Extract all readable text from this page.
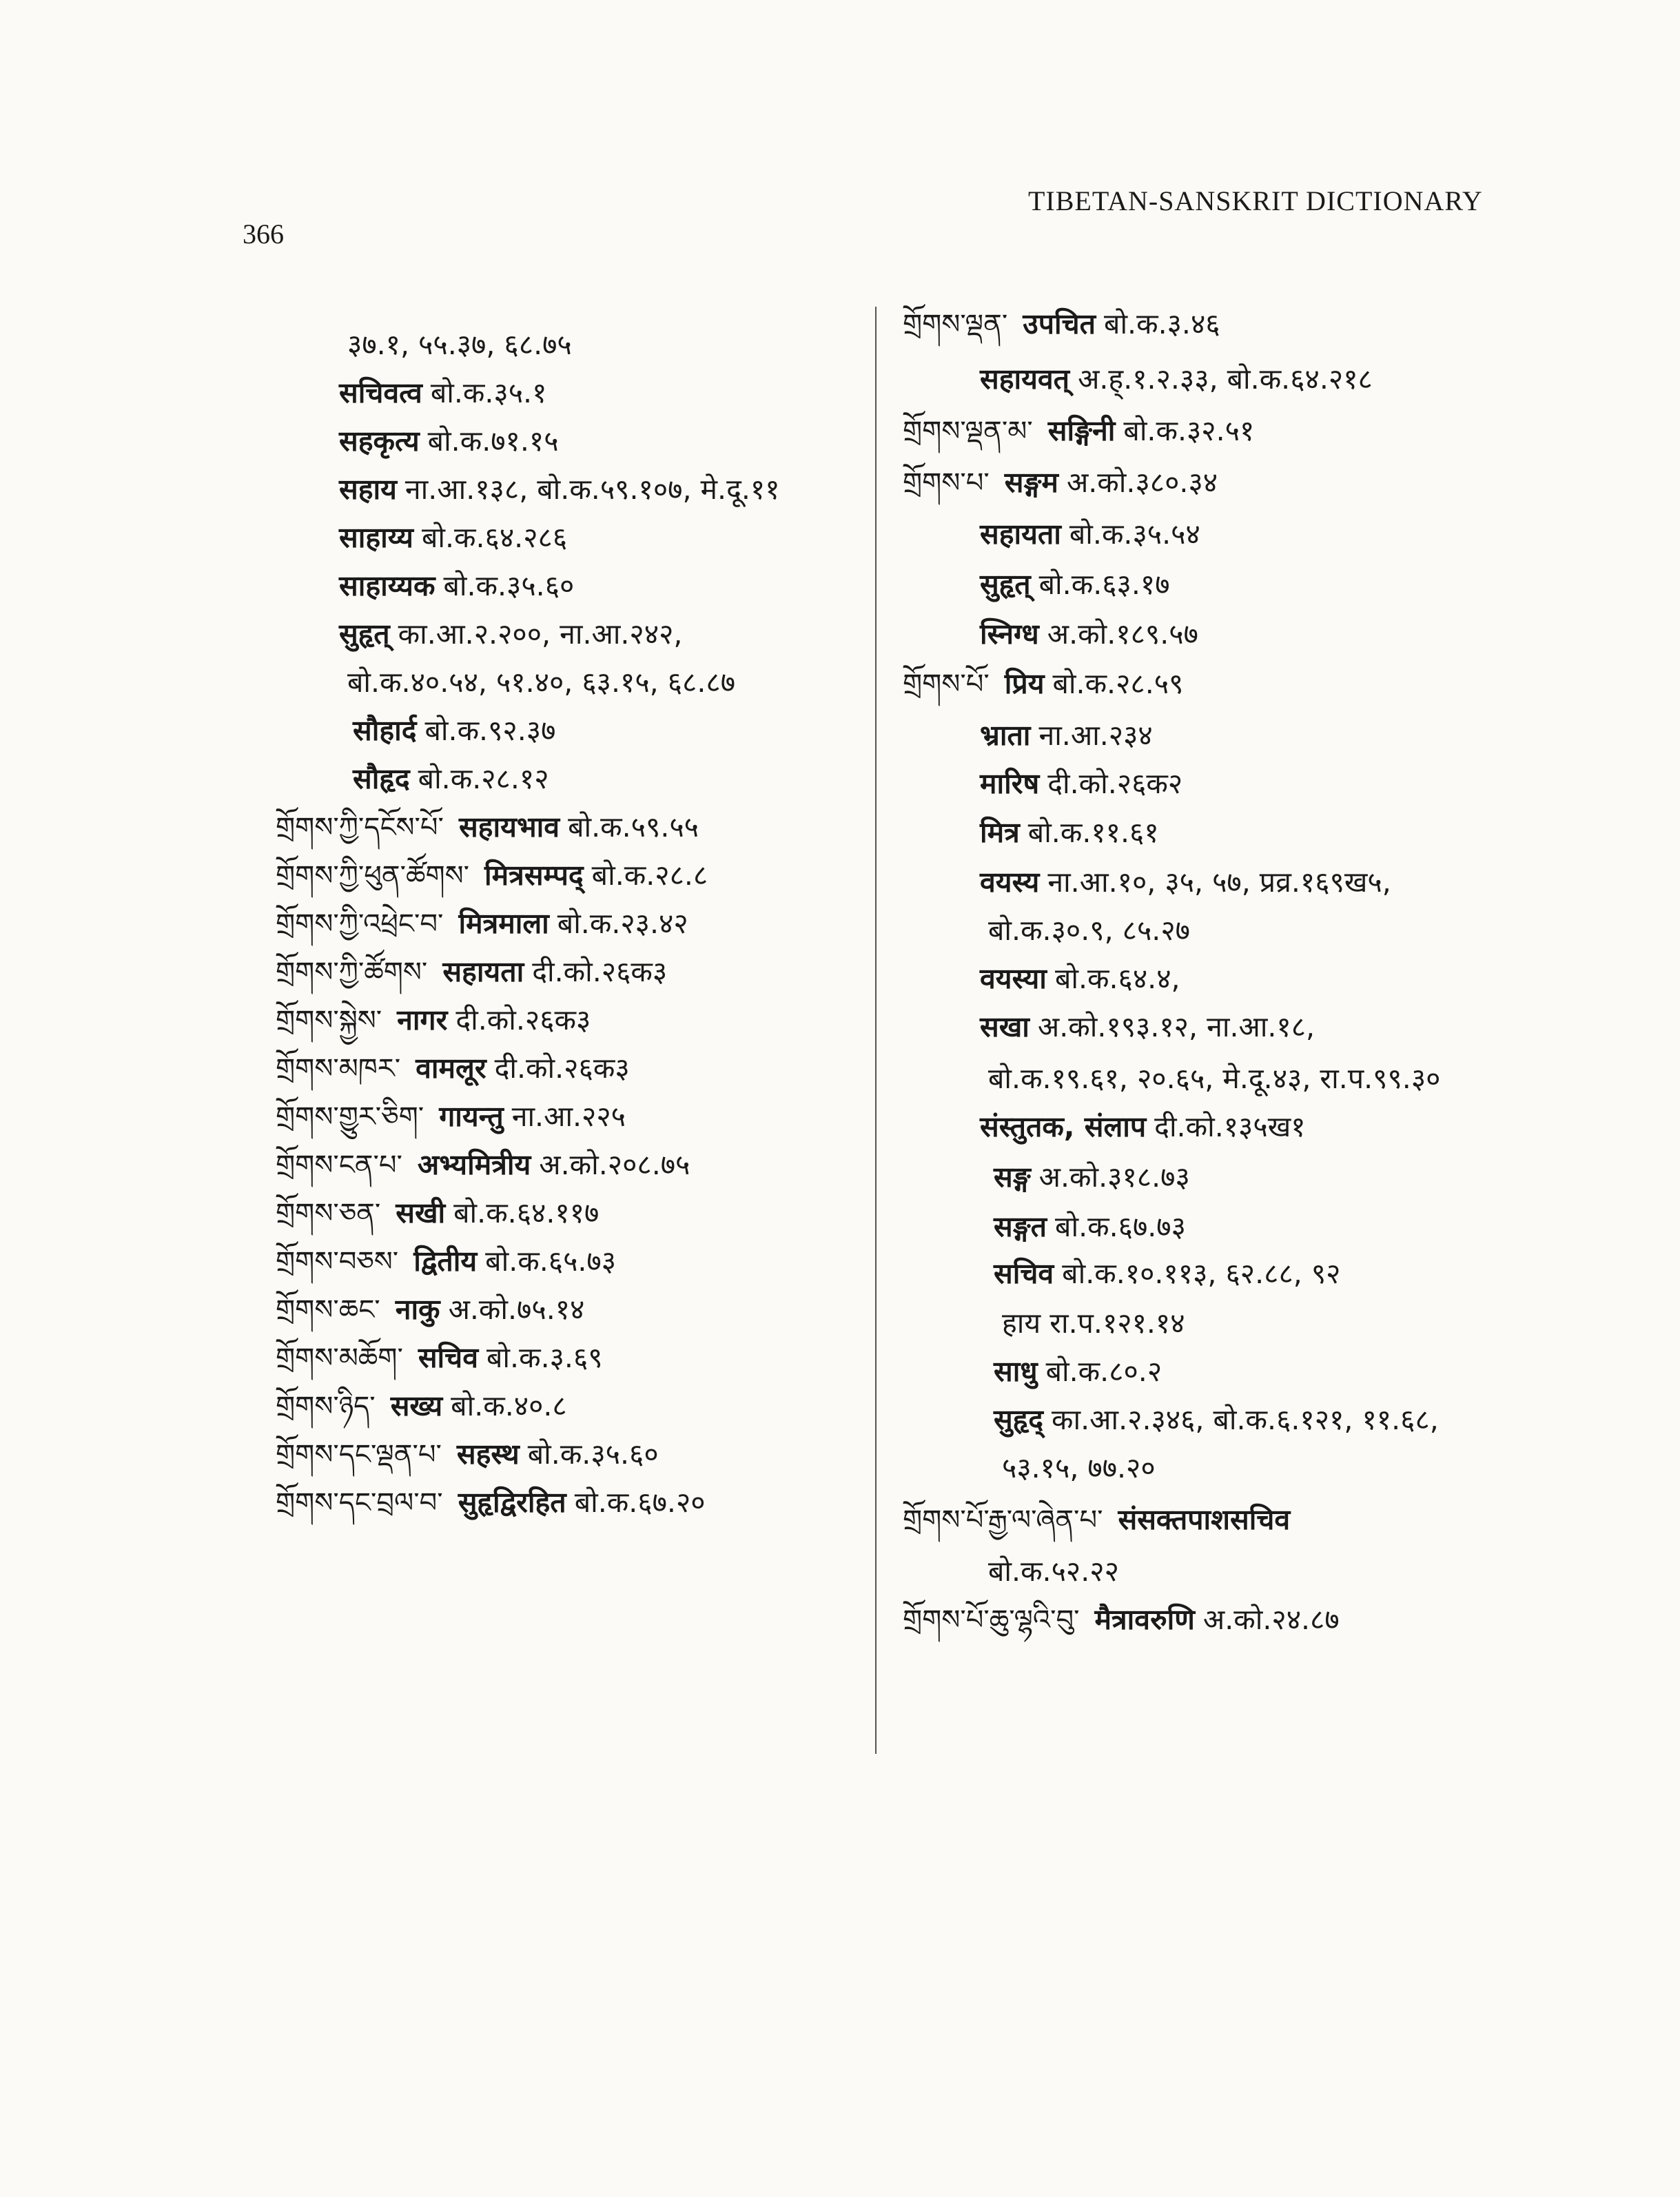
366
TIBETAN-SANSKRIT DICTIONARY
३७.१, ५५.३७, ६८.७५
सचिवत्व बो.क.३५.१
सहकृत्य बो.क.७१.१५
सहाय ना.आ.१३८, बो.क.५९.१०७, मे.दू.११
साहाय्य बो.क.६४.२८६
साहाय्यक बो.क.३५.६०
सुहृत् का.आ.२.२००, ना.आ.२४२,
बो.क.४०.५४, ५१.४०, ६३.१५, ६८.८७
सौहार्द बो.क.९२.३७
सौहृद बो.क.२८.१२
གྲོགས་ཀྱི་དངོས་པོ་ सहायभाव बो.क.५९.५५
གྲོགས་ཀྱི་ཕུན་ཚོགས་ मित्रसम्पद् बो.क.२८.८
གྲོགས་ཀྱི་འཕྲེང་བ་ मित्रमाला बो.क.२३.४२
གྲོགས་ཀྱི་ཚོགས་ सहायता दी.को.२६क३
གྲོགས་སྐྱེས་ नागर दी.को.२६क३
གྲོགས་མཁར་ वामलूर दी.को.२६क३
གྲོགས་གྱུར་ཅིག་ गायन्तु ना.आ.२२५
གྲོགས་ངན་པ་ अभ्यमित्रीय अ.को.२०८.७५
གྲོགས་ཅན་ सखी बो.क.६४.११७
གྲོགས་བཅས་ द्वितीय बो.क.६५.७३
གྲོགས་ཆང་ नाकु अ.को.७५.१४
གྲོགས་མཆོག་ सचिव बो.क.३.६९
གྲོགས་ཉིད་ सख्य बो.क.४०.८
གྲོགས་དང་ལྡན་པ་ सहस्थ बो.क.३५.६०
གྲོགས་དང་བྲལ་བ་ सुहृद्विरहित बो.क.६७.२०
གྲོགས་ལྡན་ उपचित बो.क.३.४६
सहायवत् अ.ह्.१.२.३३, बो.क.६४.२१८
གྲོགས་ལྡན་མ་ सङ्गिनी बो.क.३२.५१
གྲོགས་པ་ सङ्गम अ.को.३८०.३४
सहायता बो.क.३५.५४
सुहृत् बो.क.६३.१७
स्निग्ध अ.को.१८९.५७
གྲོགས་པོ་ प्रिय बो.क.२८.५९
भ्राता ना.आ.२३४
मारिष दी.को.२६क२
मित्र बो.क.११.६१
वयस्य ना.आ.१०, ३५, ५७, प्रव्र.१६९ख५,
बो.क.३०.९, ८५.२७
वयस्या बो.क.६४.४,
सखा अ.को.१९३.१२, ना.आ.१८,
बो.क.१९.६१, २०.६५, मे.दू.४३, रा.प.९९.३०
संस्तुतक, संलाप दी.को.१३५ख१
सङ्ग अ.को.३१८.७३
सङ्गत बो.क.६७.७३
सचिव बो.क.१०.११३, ६२.८८, ९२
हाय रा.प.१२१.१४
साधु बो.क.८०.२
सुहृद् का.आ.२.३४६, बो.क.६.१२१, ११.६८,
५३.१५, ७७.२०
གྲོགས་པོ་རྒྱ་ལ་ཞེན་པ་ संसक्तपाशसचिव
बो.क.५२.२२
གྲོགས་པོ་ཆུ་ལྷའི་བུ་ मैत्रावरुणि अ.को.२४.८७
